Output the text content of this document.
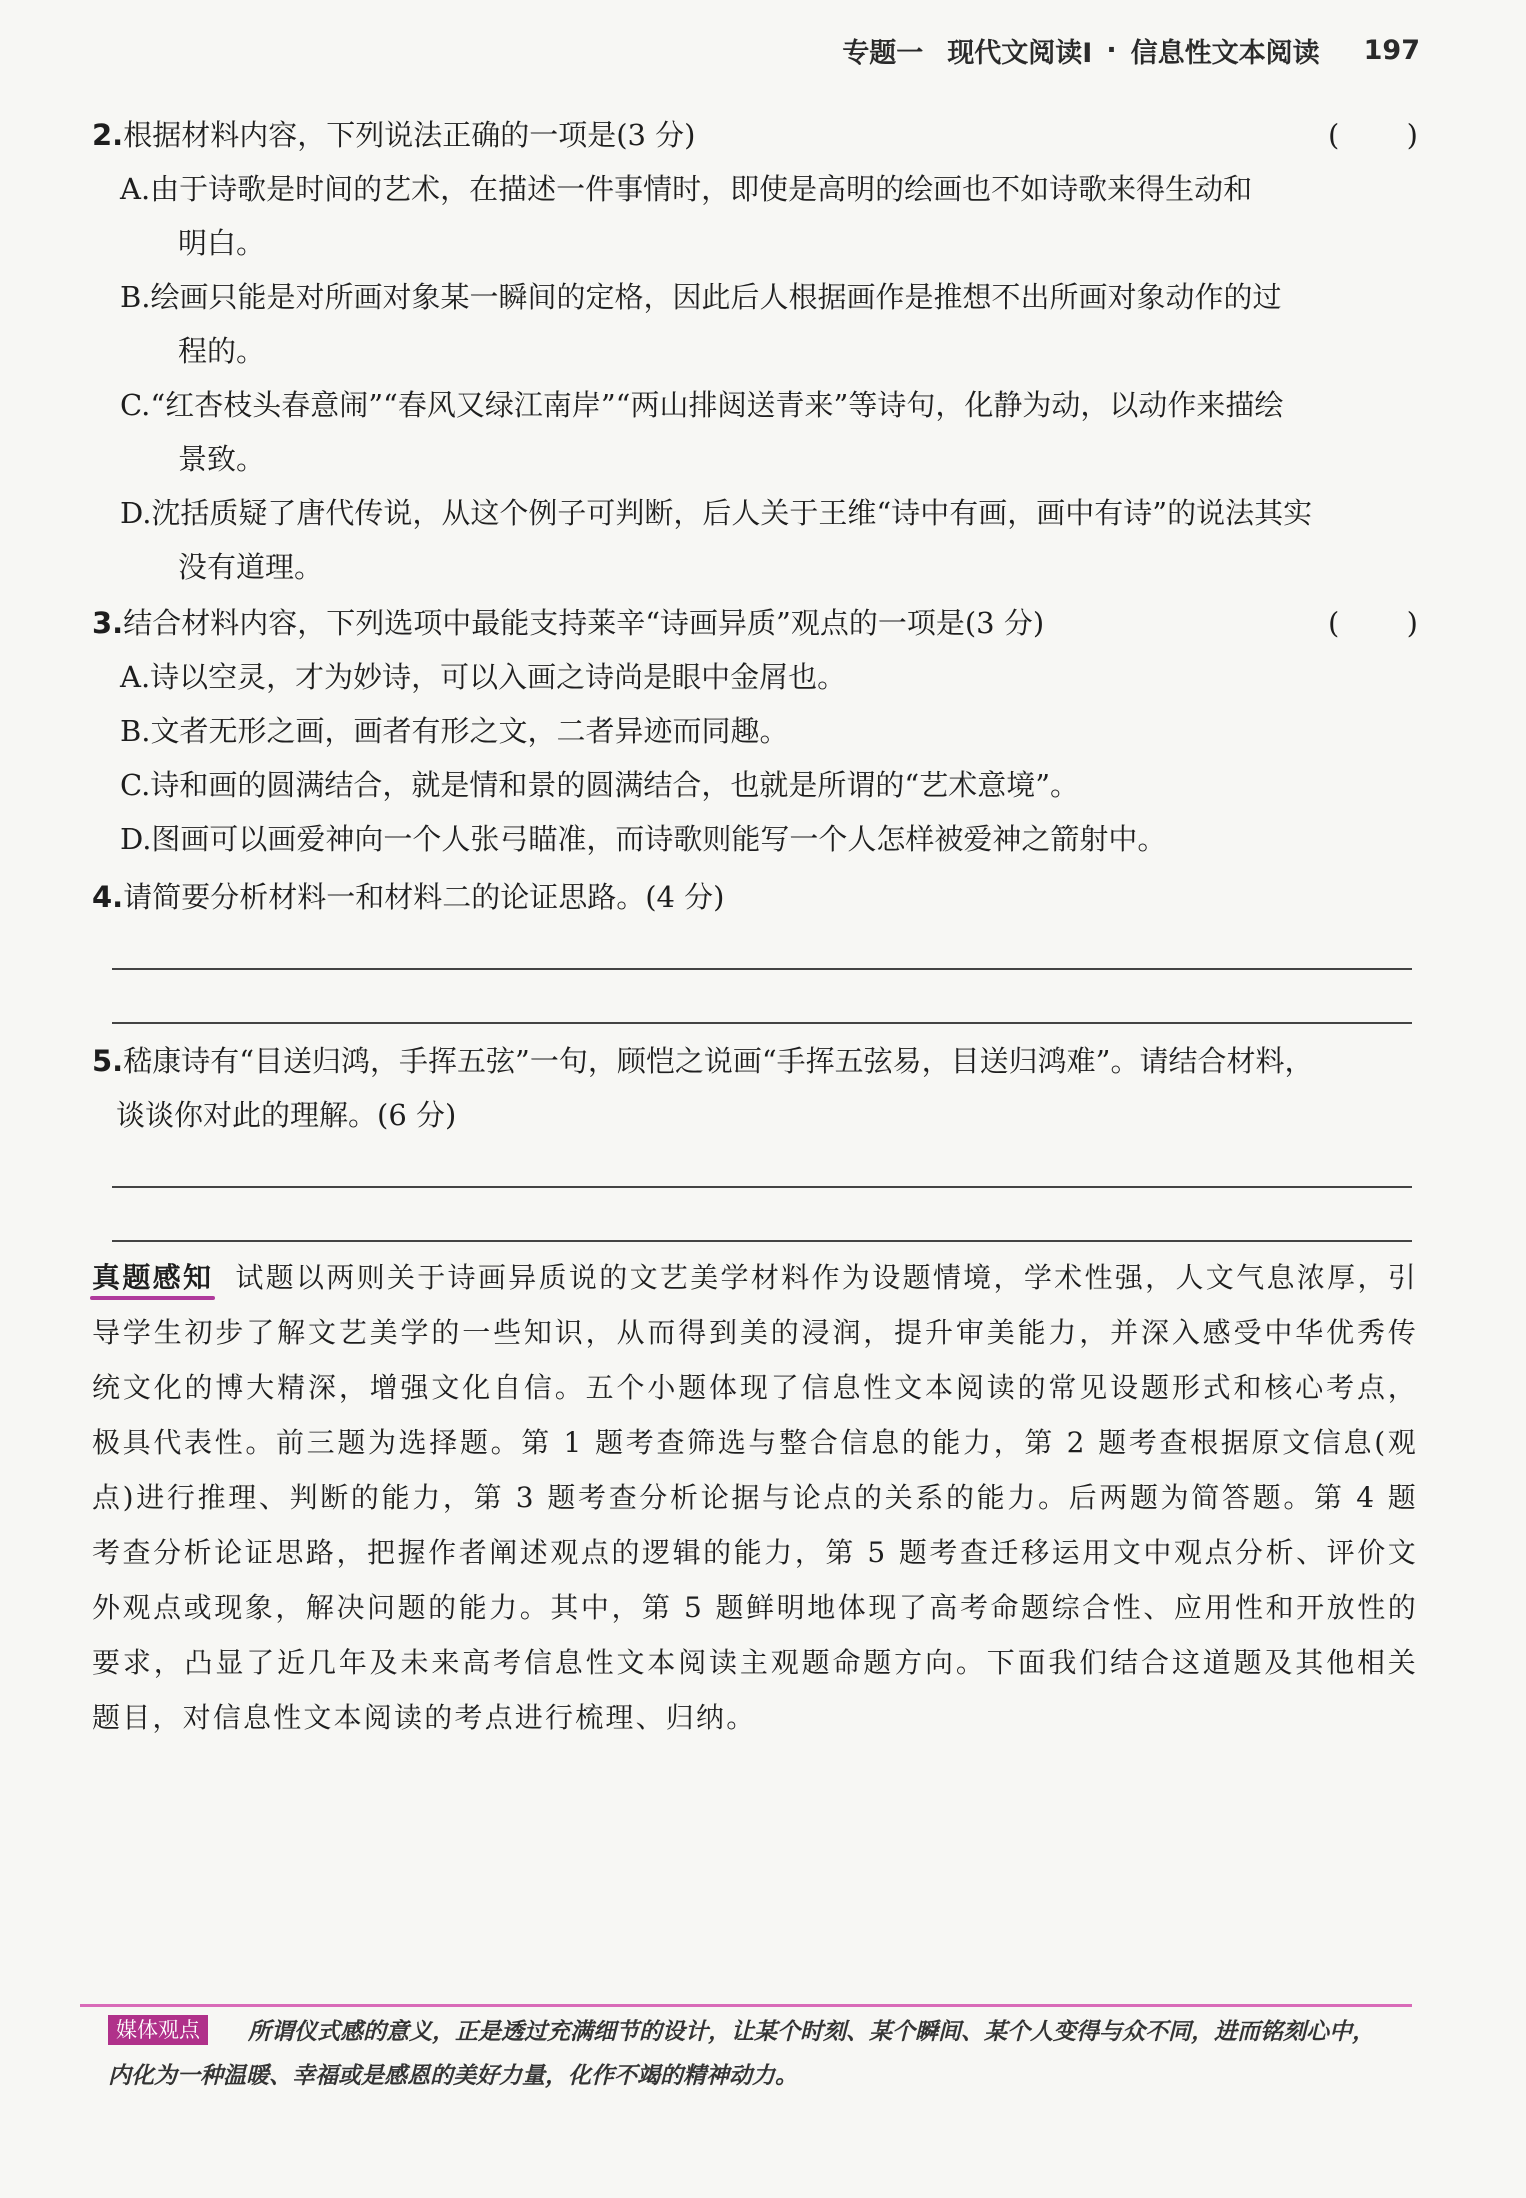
专题一 现代文阅读Ⅰ · 信息性文本阅读 197
2.根据材料内容，下列说法正确的一项是(3 分)	( )
A.由于诗歌是时间的艺术，在描述一件事情时，即使是高明的绘画也不如诗歌来得生动和
明白。
B.绘画只能是对所画对象某一瞬间的定格，因此后人根据画作是推想不出所画对象动作的过
程的。
C.“红杏枝头春意闹”“春风又绿江南岸”“两山排闼送青来”等诗句，化静为动，以动作来描绘
景致。
D.沈括质疑了唐代传说，从这个例子可判断，后人关于王维“诗中有画，画中有诗”的说法其实
没有道理。
3.结合材料内容，下列选项中最能支持莱辛“诗画异质”观点的一项是(3 分)	( )
A.诗以空灵，才为妙诗，可以入画之诗尚是眼中金屑也。
B.文者无形之画，画者有形之文，二者异迹而同趣。
C.诗和画的圆满结合，就是情和景的圆满结合，也就是所谓的“艺术意境”。
D.图画可以画爱神向一个人张弓瞄准，而诗歌则能写一个人怎样被爱神之箭射中。
4.请简要分析材料一和材料二的论证思路。(4 分)
5.嵇康诗有“目送归鸿，手挥五弦”一句，顾恺之说画“手挥五弦易，目送归鸿难”。请结合材料，
谈谈你对此的理解。(6 分)
真题感知 试题以两则关于诗画异质说的文艺美学材料作为设题情境，学术性强，人文气息浓厚，引导学生初步了解文艺美学的一些知识，从而得到美的浸润，提升审美能力，并深入感受中华优秀传统文化的博大精深，增强文化自信。五个小题体现了信息性文本阅读的常见设题形式和核心考点，极具代表性。前三题为选择题。第 1 题考查筛选与整合信息的能力，第 2 题考查根据原文信息(观点)进行推理、判断的能力，第 3 题考查分析论据与论点的关系的能力。后两题为简答题。第 4 题考查分析论证思路，把握作者阐述观点的逻辑的能力，第 5 题考查迁移运用文中观点分析、评价文外观点或现象，解决问题的能力。其中，第 5 题鲜明地体现了高考命题综合性、应用性和开放性的要求，凸显了近几年及未来高考信息性文本阅读主观题命题方向。下面我们结合这道题及其他相关题目，对信息性文本阅读的考点进行梳理、归纳。
媒体观点 所谓仪式感的意义，正是透过充满细节的设计，让某个时刻、某个瞬间、某个人变得与众不同，进而铭刻心中，内化为一种温暖、幸福或是感恩的美好力量，化作不竭的精神动力。
